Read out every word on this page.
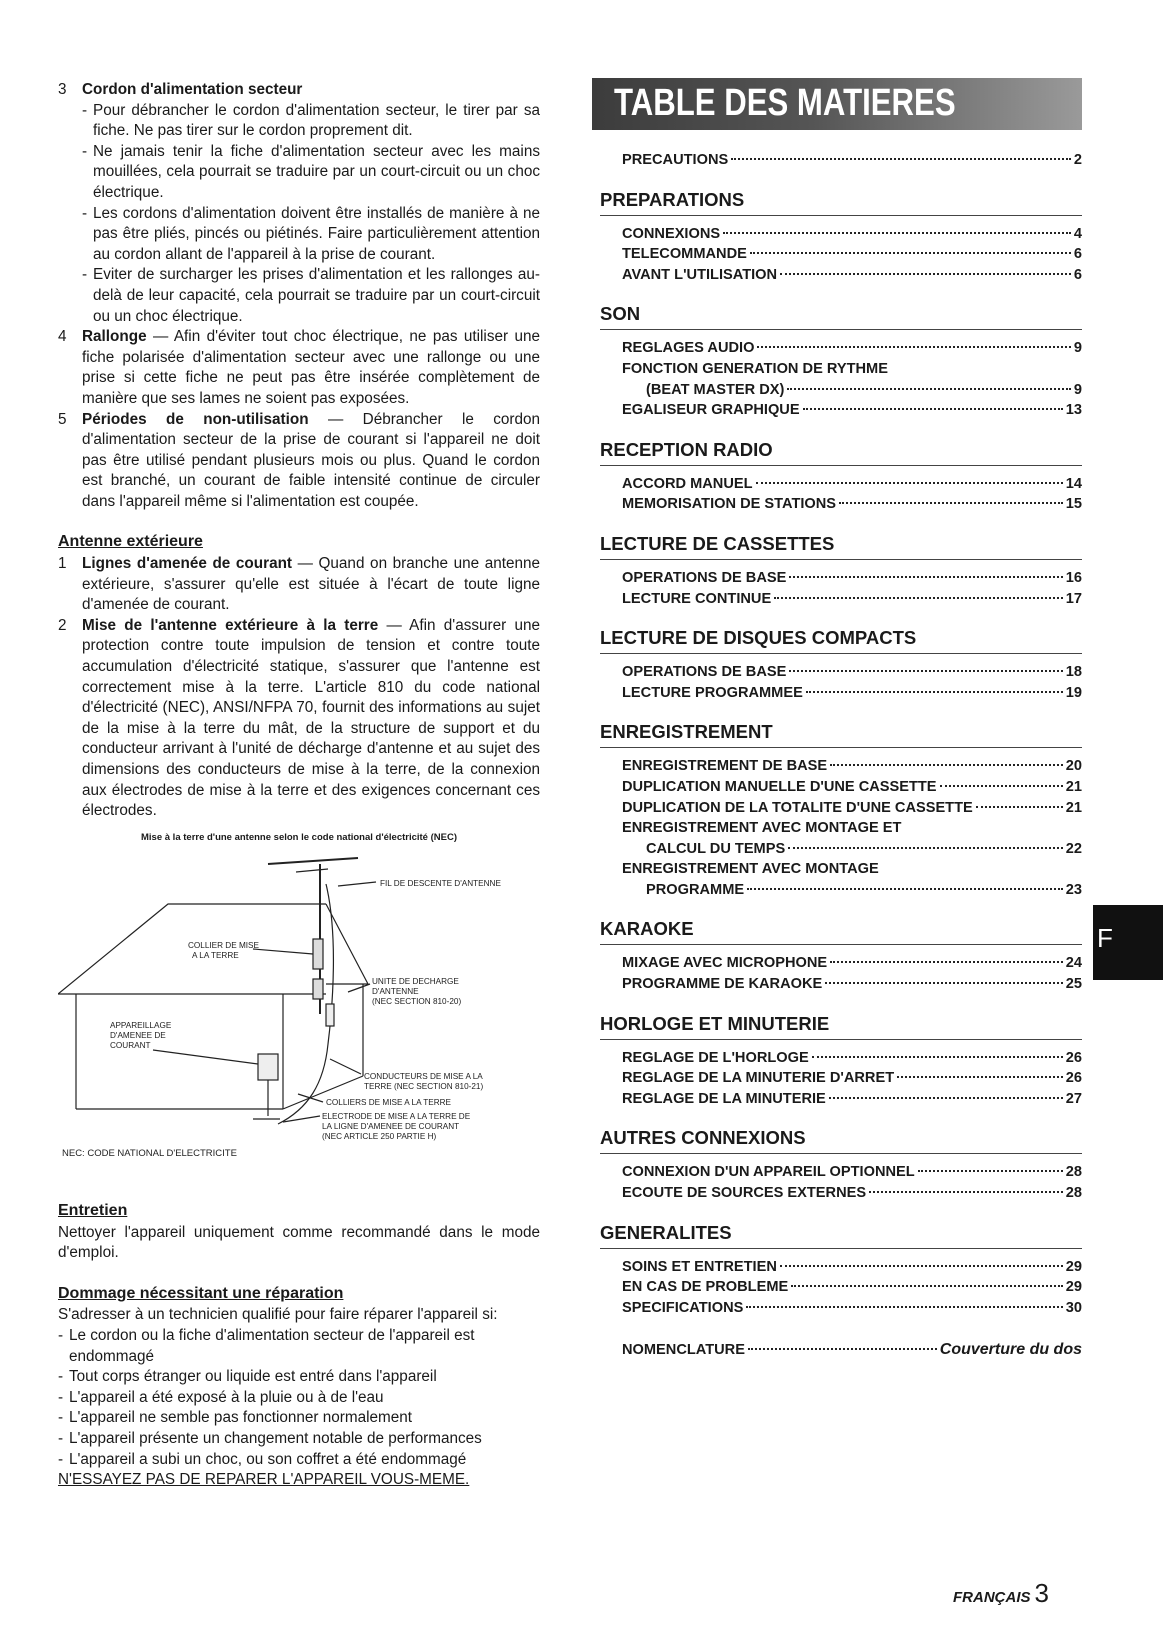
3 Cordon d'alimentation secteur
- Pour débrancher le cordon d'alimentation secteur, le tirer par sa fiche. Ne pas tirer sur le cordon proprement dit.
- Ne jamais tenir la fiche d'alimentation secteur avec les mains mouillées, cela pourrait se traduire par un court-circuit ou un choc électrique.
- Les cordons d'alimentation doivent être installés de manière à ne pas être pliés, pincés ou piétinés. Faire particulièrement attention au cordon allant de l'appareil à la prise de courant.
- Eviter de surcharger les prises d'alimentation et les rallonges au-delà de leur capacité, cela pourrait se traduire par un court-circuit ou un choc électrique.
4 Rallonge — Afin d'éviter tout choc électrique, ne pas utiliser une fiche polarisée d'alimentation secteur avec une rallonge ou une prise si cette fiche ne peut pas être insérée complètement de manière que ses lames ne soient pas exposées.
5 Périodes de non-utilisation — Débrancher le cordon d'alimentation secteur de la prise de courant si l'appareil ne doit pas être utilisé pendant plusieurs mois ou plus. Quand le cordon est branché, un courant de faible intensité continue de circuler dans l'appareil même si l'alimentation est coupée.
Antenne extérieure
1 Lignes d'amenée de courant — Quand on branche une antenne extérieure, s'assurer qu'elle est située à l'écart de toute ligne d'amenée de courant.
2 Mise de l'antenne extérieure à la terre — Afin d'assurer une protection contre toute impulsion de tension et contre toute accumulation d'électricité statique, s'assurer que l'antenne est correctement mise à la terre. L'article 810 du code national d'électricité (NEC), ANSI/NFPA 70, fournit des informations au sujet de la mise à la terre du mât, de la structure de support et du conducteur arrivant à l'unité de décharge d'antenne et au sujet des dimensions des conducteurs de mise à la terre, de la connexion aux électrodes de mise à la terre et des exigences concernant ces électrodes.
Mise à la terre d'une antenne selon le code national d'électricité (NEC)
FIL DE DESCENTE D'ANTENNE
COLLIER DE MISE
A LA TERRE
UNITE DE DECHARGE
D'ANTENNE
(NEC SECTION 810-20)
APPAREILLAGE
D'AMENEE DE
COURANT
CONDUCTEURS DE MISE A LA
TERRE (NEC SECTION 810-21)
COLLIERS DE MISE A LA TERRE
ELECTRODE DE MISE A LA TERRE DE
LA LIGNE D'AMENEE DE COURANT
(NEC ARTICLE 250 PARTIE H)
NEC: CODE NATIONAL D'ELECTRICITE
Entretien
Nettoyer l'appareil uniquement comme recommandé dans le mode d'emploi.
Dommage nécessitant une réparation
S'adresser à un technicien qualifié pour faire réparer l'appareil si:
- Le cordon ou la fiche d'alimentation secteur de l'appareil est endommagé
- Tout corps étranger ou liquide est entré dans l'appareil
- L'appareil a été exposé à la pluie ou à de l'eau
- L'appareil ne semble pas fonctionner normalement
- L'appareil présente un changement notable de performances
- L'appareil a subi un choc, ou son coffret a été endommagé
N'ESSAYEZ PAS DE REPARER L'APPAREIL VOUS-MEME.
TABLE DES MATIERES
PRECAUTIONS	2
PREPARATIONS
CONNEXIONS	4
TELECOMMANDE	6
AVANT L'UTILISATION	6
SON
REGLAGES AUDIO	9
FONCTION GENERATION DE RYTHME
(BEAT MASTER DX)	9
EGALISEUR GRAPHIQUE	13
RECEPTION RADIO
ACCORD MANUEL	14
MEMORISATION DE STATIONS	15
LECTURE DE CASSETTES
OPERATIONS DE BASE	16
LECTURE CONTINUE	17
LECTURE DE DISQUES COMPACTS
OPERATIONS DE BASE	18
LECTURE PROGRAMMEE	19
ENREGISTREMENT
ENREGISTREMENT DE BASE	20
DUPLICATION MANUELLE D'UNE CASSETTE	21
DUPLICATION DE LA TOTALITE D'UNE CASSETTE	21
ENREGISTREMENT AVEC MONTAGE ET
CALCUL DU TEMPS	22
ENREGISTREMENT AVEC MONTAGE
PROGRAMME	23
KARAOKE
MIXAGE AVEC MICROPHONE	24
PROGRAMME DE KARAOKE	25
HORLOGE ET MINUTERIE
REGLAGE DE L'HORLOGE	26
REGLAGE DE LA MINUTERIE D'ARRET	26
REGLAGE DE LA MINUTERIE	27
AUTRES CONNEXIONS
CONNEXION D'UN APPAREIL OPTIONNEL	28
ECOUTE DE SOURCES EXTERNES	28
GENERALITES
SOINS ET ENTRETIEN	29
EN CAS DE PROBLEME	29
SPECIFICATIONS	30
NOMENCLATURE	Couverture du dos
F
FRANÇAIS 3
